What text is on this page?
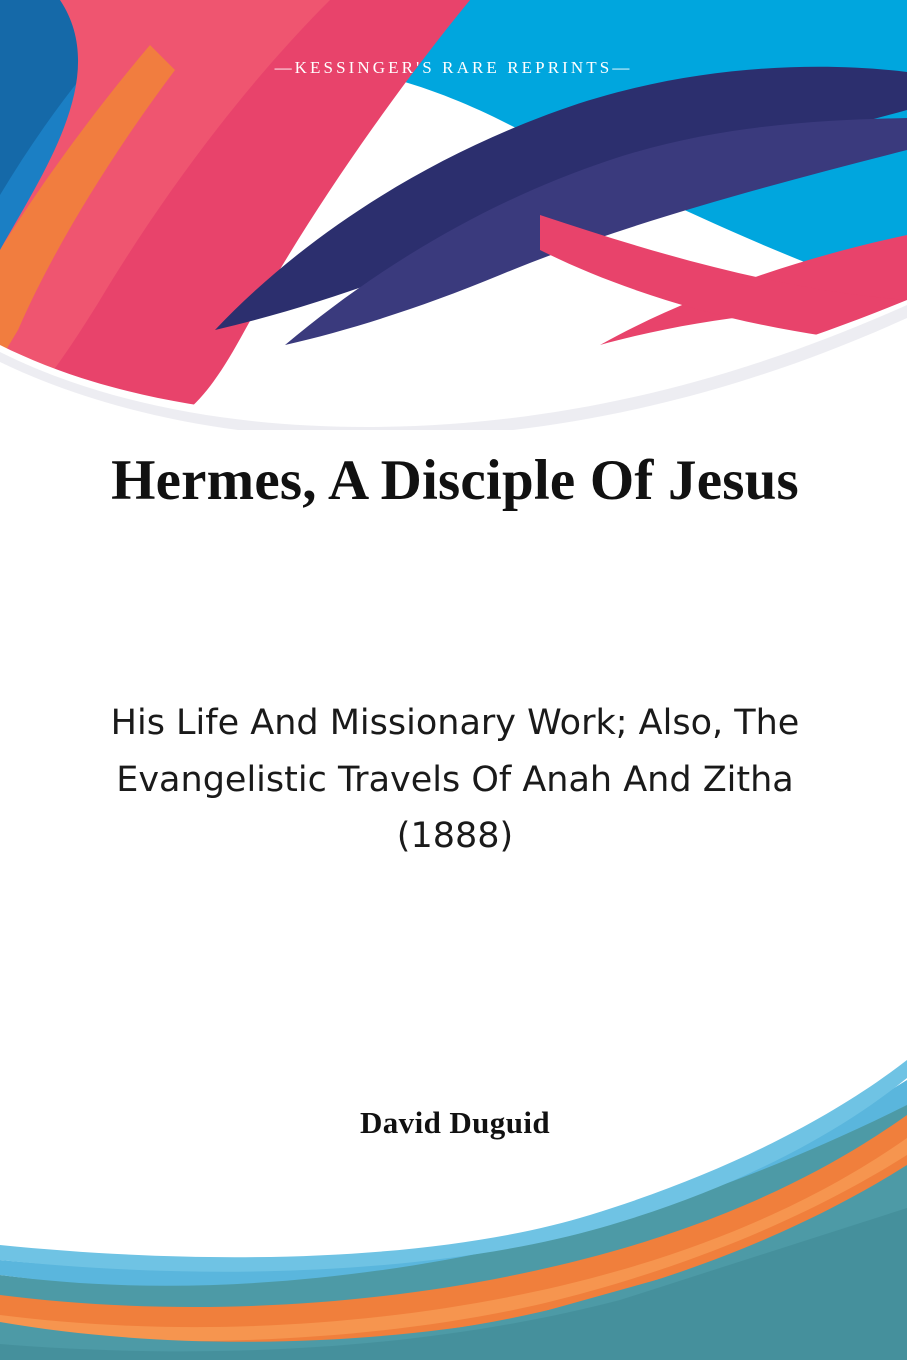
—KESSINGER'S RARE REPRINTS—
Hermes, A Disciple Of Jesus
His Life And Missionary Work; Also, The Evangelistic Travels Of Anah And Zitha (1888)
David Duguid
